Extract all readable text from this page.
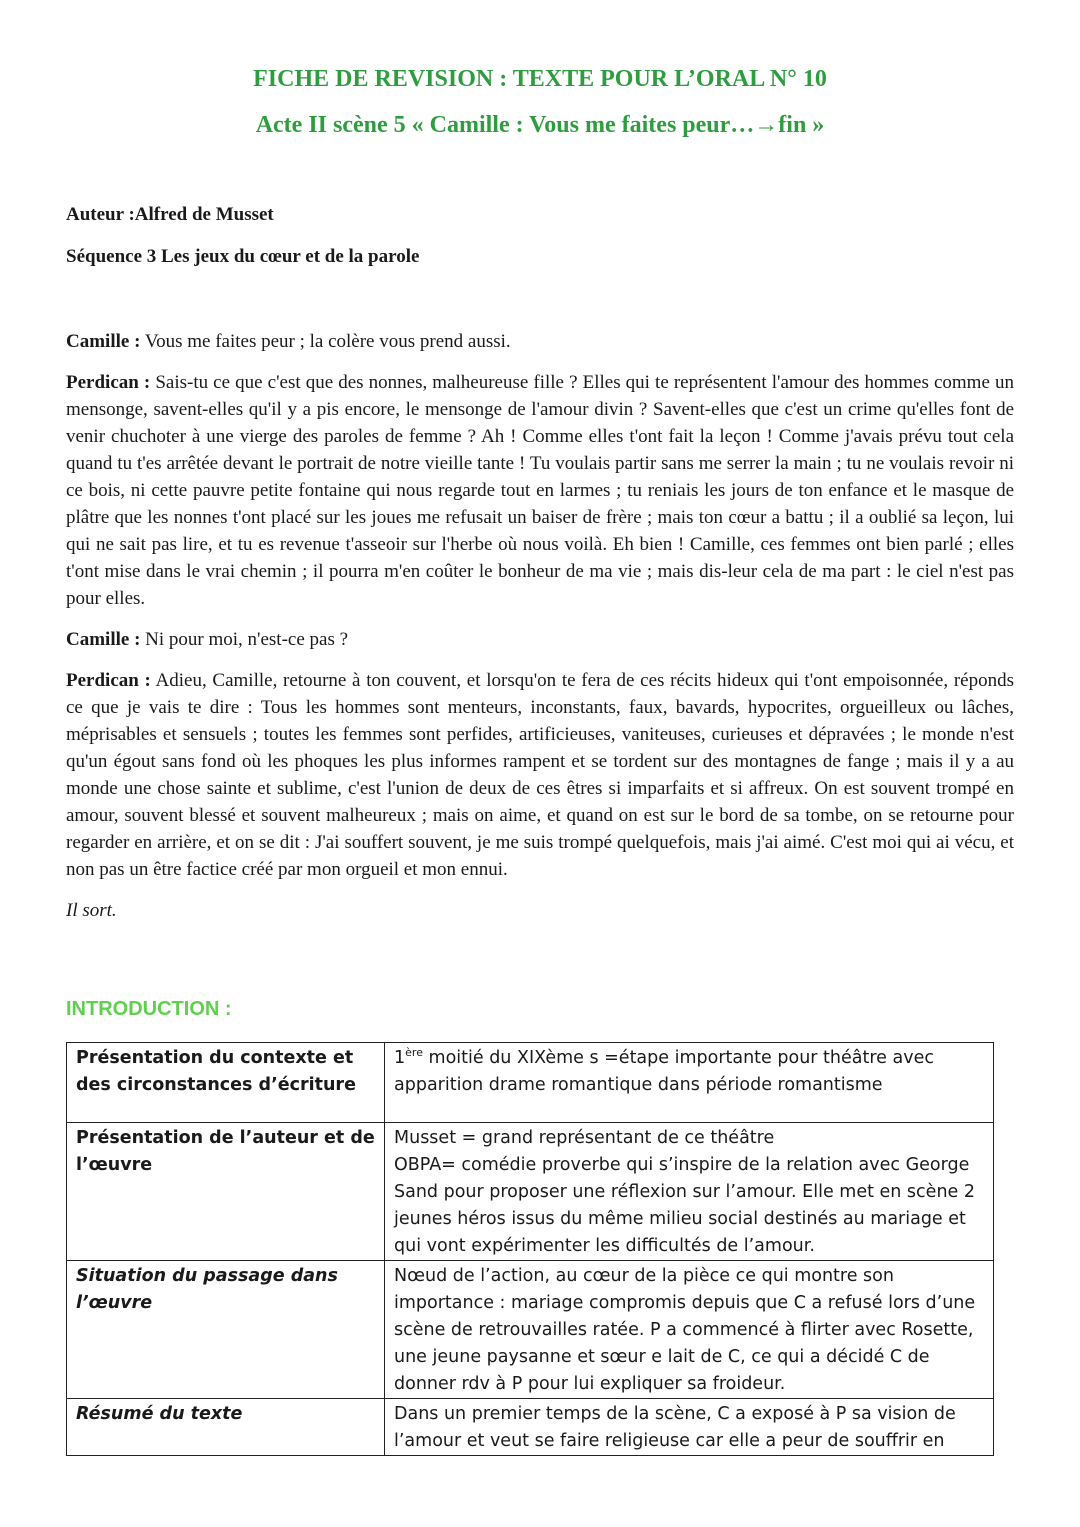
FICHE DE REVISION : TEXTE POUR L’ORAL N° 10

Acte II scène 5 « Camille : Vous me faites peur…→fin »

Auteur :Alfred de Musset

Séquence 3 Les jeux du cœur et de la parole

Camille : Vous me faites peur ; la colère vous prend aussi.

Perdican : Sais-tu ce que c'est que des nonnes, malheureuse fille ? Elles qui te représentent l'amour des hommes comme un mensonge, savent-elles qu'il y a pis encore, le mensonge de l'amour divin ? Savent-elles que c'est un crime qu'elles font de venir chuchoter à une vierge des paroles de femme ? Ah ! Comme elles t'ont fait la leçon ! Comme j'avais prévu tout cela quand tu t'es arrêtée devant le portrait de notre vieille tante ! Tu voulais partir sans me serrer la main ; tu ne voulais revoir ni ce bois, ni cette pauvre petite fontaine qui nous regarde tout en larmes ; tu reniais les jours de ton enfance et le masque de plâtre que les nonnes t'ont placé sur les joues me refusait un baiser de frère ; mais ton cœur a battu ; il a oublié sa leçon, lui qui ne sait pas lire, et tu es revenue t'asseoir sur l'herbe où nous voilà. Eh bien ! Camille, ces femmes ont bien parlé ; elles t'ont mise dans le vrai chemin ; il pourra m'en coûter le bonheur de ma vie ; mais dis-leur cela de ma part : le ciel n'est pas pour elles.

Camille : Ni pour moi, n'est-ce pas ?

Perdican : Adieu, Camille, retourne à ton couvent, et lorsqu'on te fera de ces récits hideux qui t'ont empoisonnée, réponds ce que je vais te dire : Tous les hommes sont menteurs, inconstants, faux, bavards, hypocrites, orgueilleux ou lâches, méprisables et sensuels ; toutes les femmes sont perfides, artificieuses, vaniteuses, curieuses et dépravées ; le monde n'est qu'un égout sans fond où les phoques les plus informes rampent et se tordent sur des montagnes de fange ; mais il y a au monde une chose sainte et sublime, c'est l'union de deux de ces êtres si imparfaits et si affreux. On est souvent trompé en amour, souvent blessé et souvent malheureux ; mais on aime, et quand on est sur le bord de sa tombe, on se retourne pour regarder en arrière, et on se dit : J'ai souffert souvent, je me suis trompé quelquefois, mais j'ai aimé. C'est moi qui ai vécu, et non pas un être factice créé par mon orgueil et mon ennui.

Il sort.

INTRODUCTION :

Présentation du contexte et des circonstances d’écriture	1ère moitié du XIXème s =étape importante pour théâtre avec apparition drame romantique dans période romantisme
Présentation de l’auteur et de l’œuvre	Musset = grand représentant de ce théâtre
OBPA= comédie proverbe qui s’inspire de la relation avec George Sand pour proposer une réflexion sur l’amour. Elle met en scène 2 jeunes héros issus du même milieu social destinés au mariage et qui vont expérimenter les difficultés de l’amour.

Situation du passage dans l’œuvre	Nœud de l’action, au cœur de la pièce ce qui montre son importance : mariage compromis depuis que C a refusé lors d’une scène de retrouvailles ratée. P a commencé à flirter avec Rosette, une jeune paysanne et sœur e lait de C, ce qui a décidé C de donner rdv à P pour lui expliquer sa froideur.
Résumé du texte	Dans un premier temps de la scène, C a exposé à P sa vision de l’amour et veut se faire religieuse car elle a peur de souffrir en
